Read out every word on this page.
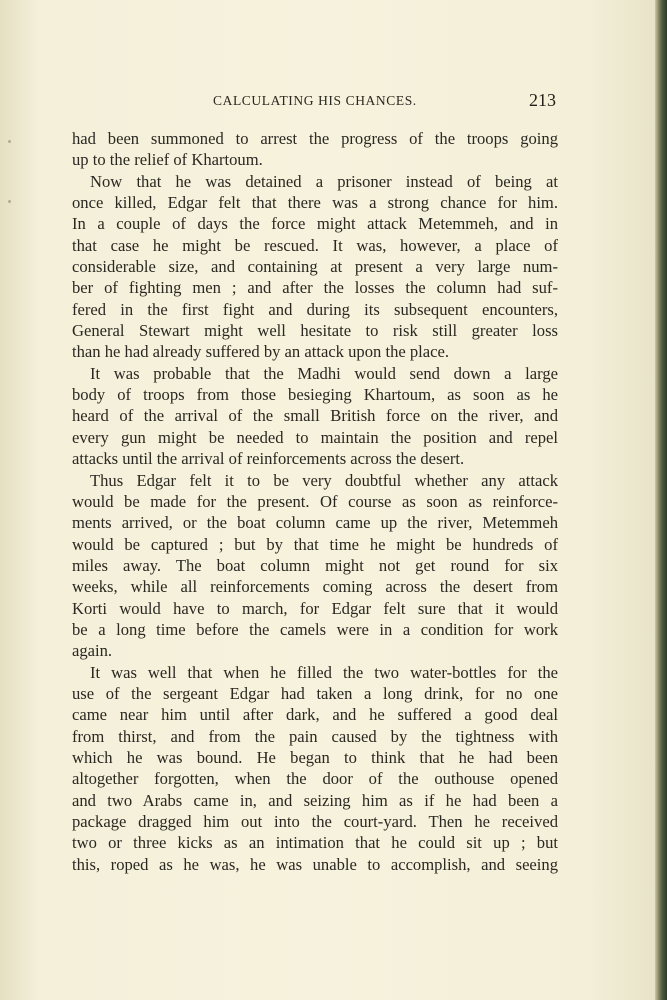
CALCULATING HIS CHANCES.	213
had been summoned to arrest the progress of the troops going
up to the relief of Khartoum.
Now that he was detained a prisoner instead of being at
once killed, Edgar felt that there was a strong chance for him.
In a couple of days the force might attack Metemmeh, and in
that case he might be rescued. It was, however, a place of
considerable size, and containing at present a very large num-
ber of fighting men ; and after the losses the column had suf-
fered in the first fight and during its subsequent encounters,
General Stewart might well hesitate to risk still greater loss
than he had already suffered by an attack upon the place.
It was probable that the Madhi would send down a large
body of troops from those besieging Khartoum, as soon as he
heard of the arrival of the small British force on the river, and
every gun might be needed to maintain the position and repel
attacks until the arrival of reinforcements across the desert.
Thus Edgar felt it to be very doubtful whether any attack
would be made for the present. Of course as soon as reinforce-
ments arrived, or the boat column came up the river, Metemmeh
would be captured ; but by that time he might be hundreds of
miles away. The boat column might not get round for six
weeks, while all reinforcements coming across the desert from
Korti would have to march, for Edgar felt sure that it would
be a long time before the camels were in a condition for work
again.
It was well that when he filled the two water-bottles for the
use of the sergeant Edgar had taken a long drink, for no one
came near him until after dark, and he suffered a good deal
from thirst, and from the pain caused by the tightness with
which he was bound. He began to think that he had been
altogether forgotten, when the door of the outhouse opened
and two Arabs came in, and seizing him as if he had been a
package dragged him out into the court-yard. Then he received
two or three kicks as an intimation that he could sit up ; but
this, roped as he was, he was unable to accomplish, and seeing
